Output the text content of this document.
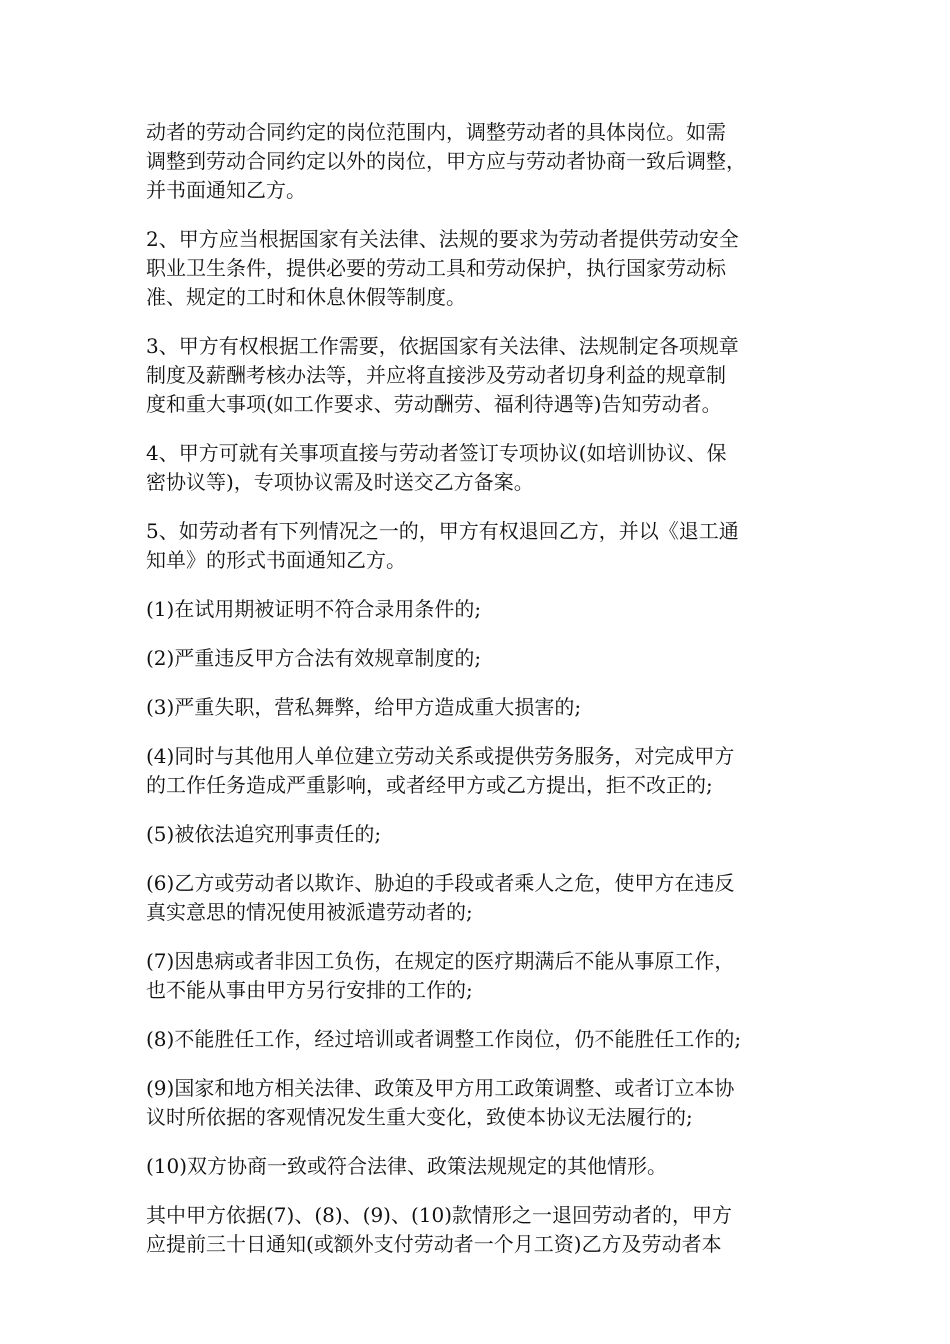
动者的劳动合同约定的岗位范围内，调整劳动者的具体岗位。如需
调整到劳动合同约定以外的岗位，甲方应与劳动者协商一致后调整，
并书面通知乙方。

2、甲方应当根据国家有关法律、法规的要求为劳动者提供劳动安全
职业卫生条件，提供必要的劳动工具和劳动保护，执行国家劳动标
准、规定的工时和休息休假等制度。

3、甲方有权根据工作需要，依据国家有关法律、法规制定各项规章
制度及薪酬考核办法等，并应将直接涉及劳动者切身利益的规章制
度和重大事项(如工作要求、劳动酬劳、福利待遇等)告知劳动者。

4、甲方可就有关事项直接与劳动者签订专项协议(如培训协议、保
密协议等)，专项协议需及时送交乙方备案。

5、如劳动者有下列情况之一的，甲方有权退回乙方，并以《退工通
知单》的形式书面通知乙方。

(1)在试用期被证明不符合录用条件的;

(2)严重违反甲方合法有效规章制度的;

(3)严重失职，营私舞弊，给甲方造成重大损害的;

(4)同时与其他用人单位建立劳动关系或提供劳务服务，对完成甲方
的工作任务造成严重影响，或者经甲方或乙方提出，拒不改正的;

(5)被依法追究刑事责任的;

(6)乙方或劳动者以欺诈、胁迫的手段或者乘人之危，使甲方在违反
真实意思的情况使用被派遣劳动者的;

(7)因患病或者非因工负伤，在规定的医疗期满后不能从事原工作，
也不能从事由甲方另行安排的工作的;

(8)不能胜任工作，经过培训或者调整工作岗位，仍不能胜任工作的;

(9)国家和地方相关法律、政策及甲方用工政策调整、或者订立本协
议时所依据的客观情况发生重大变化，致使本协议无法履行的;

(10)双方协商一致或符合法律、政策法规规定的其他情形。

其中甲方依据(7)、(8)、(9)、(10)款情形之一退回劳动者的，甲方
应提前三十日通知(或额外支付劳动者一个月工资)乙方及劳动者本
